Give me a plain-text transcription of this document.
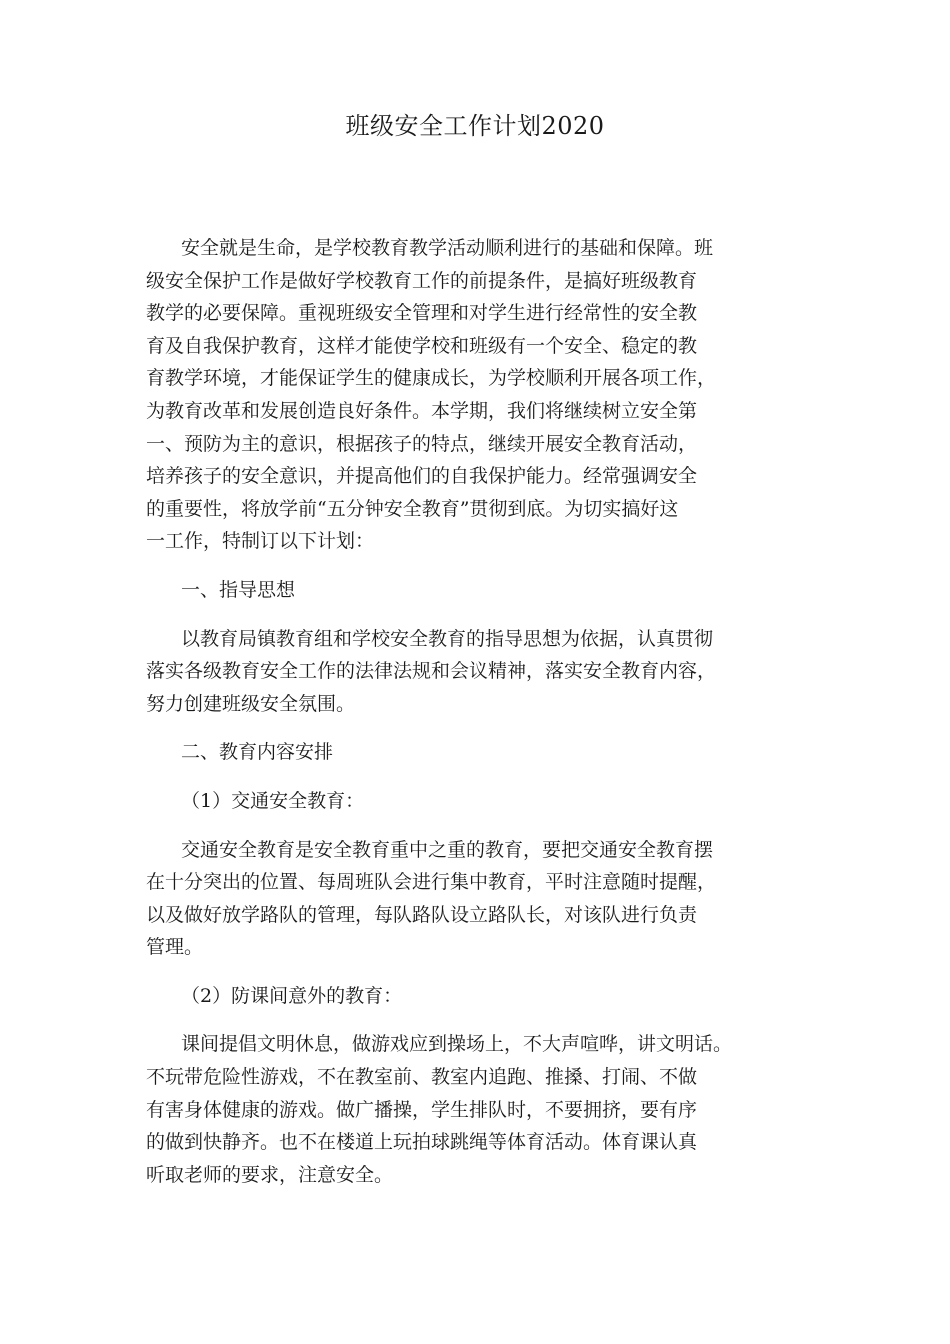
班级安全工作计划2020
安全就是生命，是学校教育教学活动顺利进行的基础和保障。班
级安全保护工作是做好学校教育工作的前提条件，是搞好班级教育
教学的必要保障。重视班级安全管理和对学生进行经常性的安全教
育及自我保护教育，这样才能使学校和班级有一个安全、稳定的教
育教学环境，才能保证学生的健康成长，为学校顺利开展各项工作，
为教育改革和发展创造良好条件。本学期，我们将继续树立安全第
一、预防为主的意识，根据孩子的特点，继续开展安全教育活动，
培养孩子的安全意识，并提高他们的自我保护能力。经常强调安全
的重要性，将放学前“五分钟安全教育”贯彻到底。为切实搞好这
一工作，特制订以下计划：
一、指导思想
以教育局镇教育组和学校安全教育的指导思想为依据，认真贯彻
落实各级教育安全工作的法律法规和会议精神，落实安全教育内容，
努力创建班级安全氛围。
二、教育内容安排
（1）交通安全教育：
交通安全教育是安全教育重中之重的教育，要把交通安全教育摆
在十分突出的位置、每周班队会进行集中教育，平时注意随时提醒，
以及做好放学路队的管理，每队路队设立路队长，对该队进行负责
管理。
（2）防课间意外的教育：
课间提倡文明休息，做游戏应到操场上，不大声喧哗，讲文明话。
不玩带危险性游戏，不在教室前、教室内追跑、推搡、打闹、不做
有害身体健康的游戏。做广播操，学生排队时，不要拥挤，要有序
的做到快静齐。也不在楼道上玩拍球跳绳等体育活动。体育课认真
听取老师的要求，注意安全。
